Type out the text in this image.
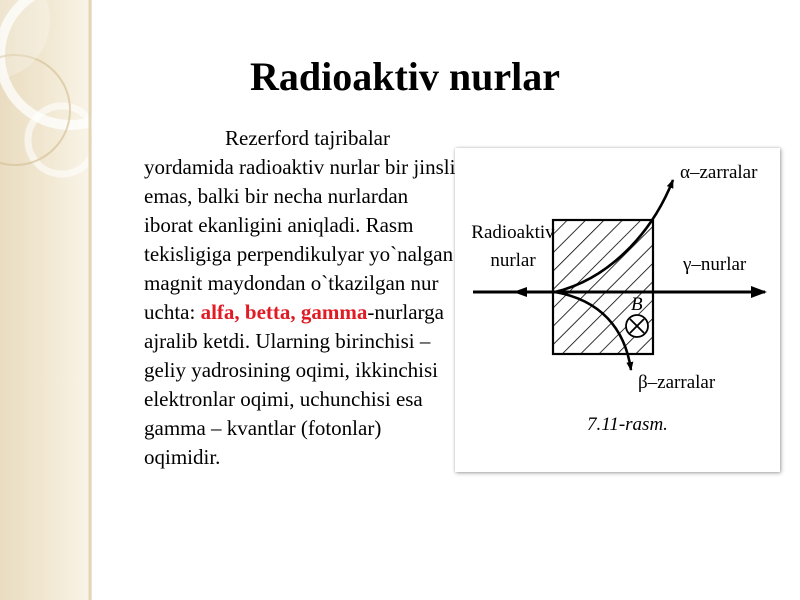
Radioaktiv nurlar

Rezerford tajribalar yordamida radioaktiv nurlar bir jinsli emas, balki bir necha nurlardan iborat ekanligini aniqladi. Rasm tekisligiga perpendikulyar yo`nalgan magnit maydondan o`tkazilgan nur uchta: alfa, betta, gamma-nurlarga ajralib ketdi. Ularning birinchisi – geliy yadrosining oqimi, ikkinchisi elektronlar oqimi, uchunchisi esa gamma – kvantlar (fotonlar) oqimidir.

Radioaktiv
nurlar
α–zarralar
γ–nurlar
β–zarralar
B
7.11-rasm.
